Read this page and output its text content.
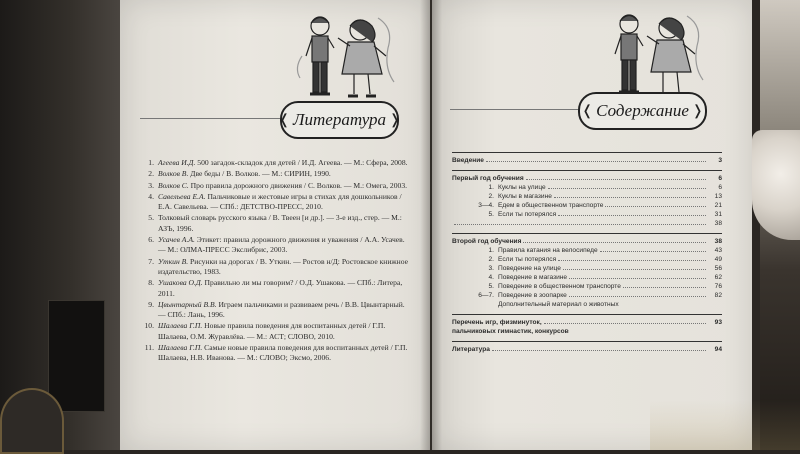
❬ Литература ❭
❬ Содержание ❭
1. Агеева И.Д. 500 загадок-складок для детей / И.Д. Агеева. — М.: Сфера, 2008.
2. Волков В. Две беды / В. Волков. — М.: СИРИН, 1990.
3. Волков С. Про правила дорожного движения / С. Волков. — М.: Омега, 2003.
4. Савельева Е.А. Пальчиковые и жестовые игры в стихах для дошкольников / Е.А. Савельева. — СПб.: ДЕТСТВО-ПРЕСС, 2010.
5. Толковый словарь русского языка / В. Твеен [и др.]. — 3-е изд., стер. — М.: АЗЪ, 1996.
6. Усачев А.А. Этикет: правила дорожного движения и уважения / А.А. Усачев. — М.: ОЛМА-ПРЕСС Экслибрис, 2003.
7. Уткин В. Рисунки на дорогах / В. Уткин. — Ростов н/Д: Ростовское книжное издательство, 1983.
8. Ушакова О.Д. Правильно ли мы говорим? / О.Д. Ушакова. — СПб.: Литера, 2011.
9. Цвынтарный В.В. Играем пальчиками и развиваем речь / В.В. Цвынтарный. — СПб.: Лань, 1996.
10. Шалаева Г.П. Новые правила поведения для воспитанных детей / Г.П. Шалаева, О.М. Журавлёва. — М.: АСТ; СЛОВО, 2010.
11. Шалаева Г.П. Самые новые правила поведения для воспитанных детей / Г.П. Шалаева, Н.В. Иванова. — М.: СЛОВО; Эксмо, 2006.
Введение	3
Первый год обучения	6
1. Куклы на улице	6
2. Куклы в магазине	13
3—4. Едем в общественном транспорте	21
5. Если ты потерялся	31
38
Второй год обучения	38
1. Правила катания на велосипеде	43
2. Если ты потерялся	49
3. Поведение на улице	56
4. Поведение в магазине	62
5. Поведение в общественном транспорте	76
6—7. Поведение в зоопарке	82
Дополнительный материал о животных
Перечень игр, физминуток,	93
пальчиковых гимнастик, конкурсов
Литература	94
